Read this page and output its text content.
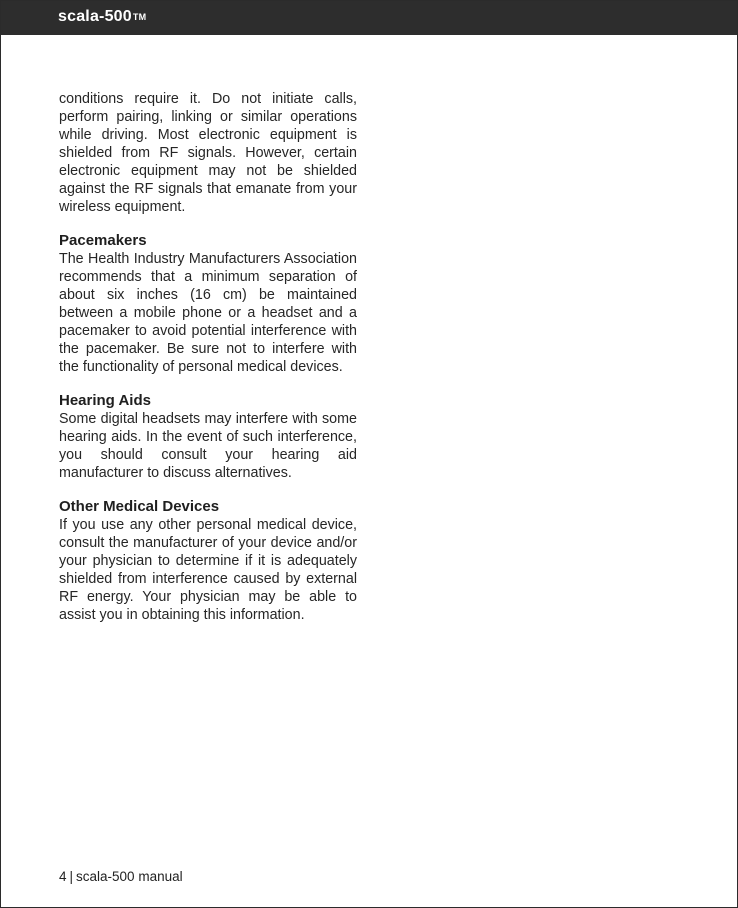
scala-500TM

conditions require it. Do not initiate calls, perform pairing, linking or similar operations while driving. Most electronic equipment is shielded from RF signals. However, certain electronic equipment may not be shielded against the RF signals that emanate from your wireless equipment.

Pacemakers

The Health Industry Manufacturers Association recommends that a minimum separation of about six inches (16 cm) be maintained between a mobile phone or a headset and a pacemaker to avoid potential interference with the pacemaker. Be sure not to interfere with the functionality of personal medical devices.

Hearing Aids

Some digital headsets may interfere with some hearing aids. In the event of such interference, you should consult your hearing aid manufacturer to discuss alternatives.

Other Medical Devices

If you use any other personal medical device, consult the manufacturer of your device and/or your physician to determine if it is adequately shielded from interference caused by external RF energy. Your physician may be able to assist you in obtaining this information.

4 | scala-500 manual
